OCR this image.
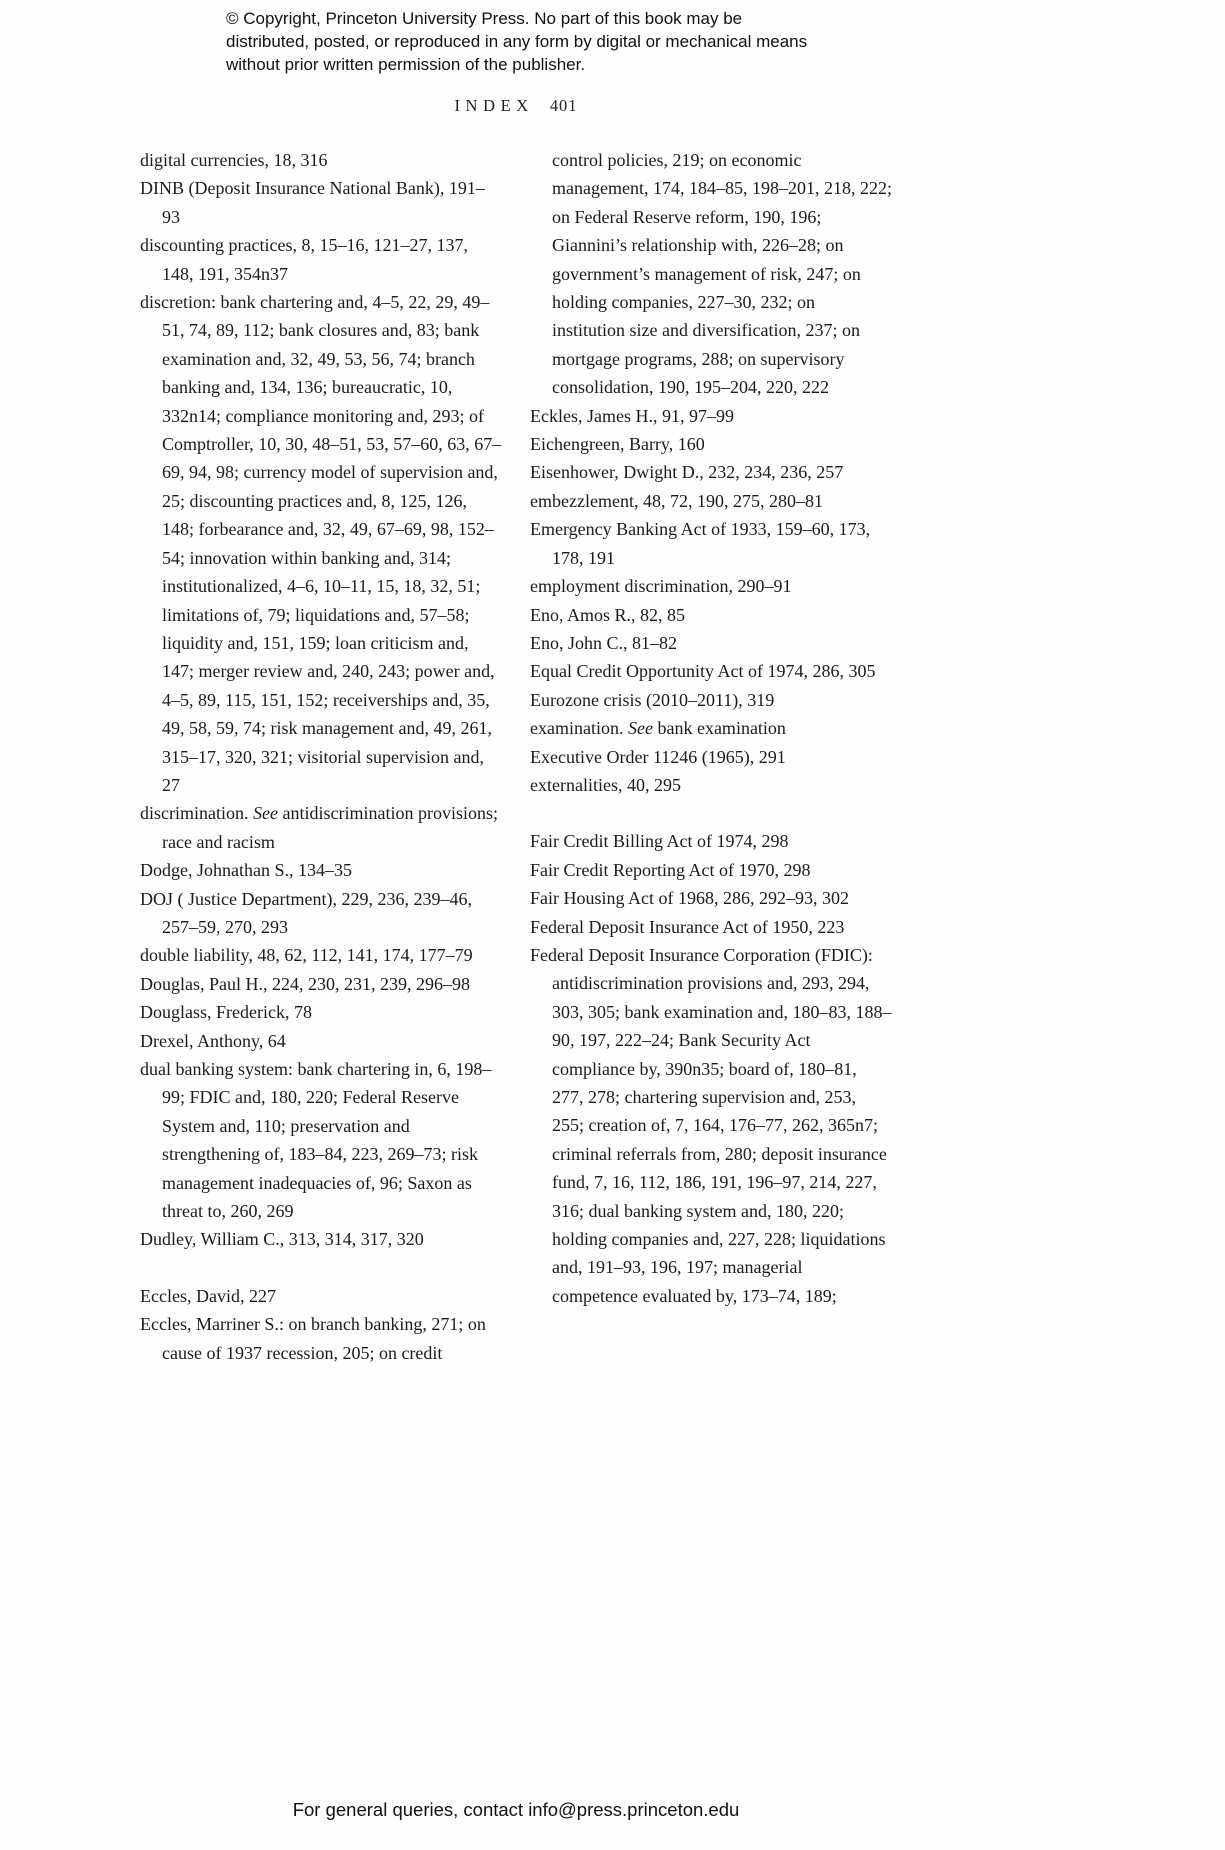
© Copyright, Princeton University Press. No part of this book may be distributed, posted, or reproduced in any form by digital or mechanical means without prior written permission of the publisher.
INDEX 401

digital currencies, 18, 316

DINB (Deposit Insurance National Bank), 191–93

discounting practices, 8, 15–16, 121–27, 137, 148, 191, 354n37

discretion: bank chartering and, 4–5, 22, 29, 49–51, 74, 89, 112; bank closures and, 83; bank examination and, 32, 49, 53, 56, 74; branch banking and, 134, 136; bureaucratic, 10, 332n14; compliance monitoring and, 293; of Comptroller, 10, 30, 48–51, 53, 57–60, 63, 67–69, 94, 98; currency model of supervision and, 25; discounting practices and, 8, 125, 126, 148; forbearance and, 32, 49, 67–69, 98, 152–54; innovation within banking and, 314; institutionalized, 4–6, 10–11, 15, 18, 32, 51; limitations of, 79; liquidations and, 57–58; liquidity and, 151, 159; loan criticism and, 147; merger review and, 240, 243; power and, 4–5, 89, 115, 151, 152; receiverships and, 35, 49, 58, 59, 74; risk management and, 49, 261, 315–17, 320, 321; visitorial supervision and, 27

discrimination. See antidiscrimination provisions; race and racism

Dodge, Johnathan S., 134–35

DOJ ( Justice Department), 229, 236, 239–46, 257–59, 270, 293

double liability, 48, 62, 112, 141, 174, 177–79

Douglas, Paul H., 224, 230, 231, 239, 296–98

Douglass, Frederick, 78

Drexel, Anthony, 64

dual banking system: bank chartering in, 6, 198–99; FDIC and, 180, 220; Federal Reserve System and, 110; preservation and strengthening of, 183–84, 223, 269–73; risk management inadequacies of, 96; Saxon as threat to, 260, 269

Dudley, William C., 313, 314, 317, 320

Eccles, David, 227

Eccles, Marriner S.: on branch banking, 271; on cause of 1937 recession, 205; on credit

control policies, 219; on economic management, 174, 184–85, 198–201, 218, 222; on Federal Reserve reform, 190, 196; Giannini’s relationship with, 226–28; on government’s management of risk, 247; on holding companies, 227–30, 232; on institution size and diversification, 237; on mortgage programs, 288; on supervisory consolidation, 190, 195–204, 220, 222

Eckles, James H., 91, 97–99

Eichengreen, Barry, 160

Eisenhower, Dwight D., 232, 234, 236, 257

embezzlement, 48, 72, 190, 275, 280–81

Emergency Banking Act of 1933, 159–60, 173, 178, 191

employment discrimination, 290–91

Eno, Amos R., 82, 85

Eno, John C., 81–82

Equal Credit Opportunity Act of 1974, 286, 305

Eurozone crisis (2010–2011), 319

examination. See bank examination

Executive Order 11246 (1965), 291

externalities, 40, 295

Fair Credit Billing Act of 1974, 298

Fair Credit Reporting Act of 1970, 298

Fair Housing Act of 1968, 286, 292–93, 302

Federal Deposit Insurance Act of 1950, 223

Federal Deposit Insurance Corporation (FDIC): antidiscrimination provisions and, 293, 294, 303, 305; bank examination and, 180–83, 188–90, 197, 222–24; Bank Security Act compliance by, 390n35; board of, 180–81, 277, 278; chartering supervision and, 253, 255; creation of, 7, 164, 176–77, 262, 365n7; criminal referrals from, 280; deposit insurance fund, 7, 16, 112, 186, 191, 196–97, 214, 227, 316; dual banking system and, 180, 220; holding companies and, 227, 228; liquidations and, 191–93, 196, 197; managerial competence evaluated by, 173–74, 189;

For general queries, contact info@press.princeton.edu
